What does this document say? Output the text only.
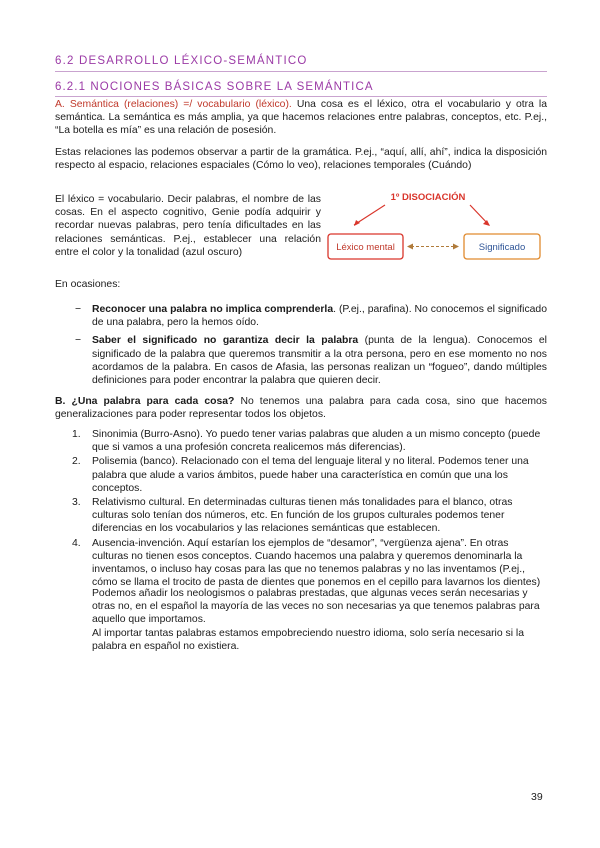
6.2 DESARROLLO LÉXICO-SEMÁNTICO
6.2.1 NOCIONES BÁSICAS SOBRE LA SEMÁNTICA
A. Semántica (relaciones) =/ vocabulario (léxico). Una cosa es el léxico, otra el vocabulario y otra la semántica. La semántica es más amplia, ya que hacemos relaciones entre palabras, conceptos, etc. P.ej., “La botella es mía” es una relación de posesión.
Estas relaciones las podemos observar a partir de la gramática. P.ej., “aquí, allí, ahí”, indica la disposición respecto al espacio, relaciones espaciales (Cómo lo veo), relaciones temporales (Cuándo)
El léxico = vocabulario. Decir palabras, el nombre de las cosas. En el aspecto cognitivo, Genie podía adquirir y recordar nuevas palabras, pero tenía dificultades en las relaciones semánticas. P.ej., establecer una relación entre el color y la tonalidad (azul oscuro)
1º DISOCIACIÓN
Léxico mental	Significado
En ocasiones:
− Reconocer una palabra no implica comprenderla. (P.ej., parafina). No conocemos el significado de una palabra, pero la hemos oído.
− Saber el significado no garantiza decir la palabra (punta de la lengua). Conocemos el significado de la palabra que queremos transmitir a la otra persona, pero en ese momento no nos acordamos de la palabra. En casos de Afasia, las personas realizan un “fogueo”, dando múltiples definiciones para poder encontrar la palabra que quieren decir.
B. ¿Una palabra para cada cosa? No tenemos una palabra para cada cosa, sino que hacemos generalizaciones para poder representar todos los objetos.
1. Sinonimia (Burro-Asno). Yo puedo tener varias palabras que aluden a un mismo concepto (puede que si vamos a una profesión concreta realicemos más diferencias).
2. Polisemia (banco). Relacionado con el tema del lenguaje literal y no literal. Podemos tener una palabra que alude a varios ámbitos, puede haber una característica en común que una los conceptos.
3. Relativismo cultural. En determinadas culturas tienen más tonalidades para el blanco, otras culturas solo tenían dos números, etc. En función de los grupos culturales podemos tener diferencias en los vocabularios y las relaciones semánticas que establecen.
4. Ausencia-invención. Aquí estarían los ejemplos de “desamor”, “vergüenza ajena”. En otras culturas no tienen esos conceptos. Cuando hacemos una palabra y queremos denominarla la inventamos, o incluso hay cosas para las que no tenemos palabras y no las inventamos (P.ej., cómo se llama el trocito de pasta de dientes que ponemos en el cepillo para lavarnos los dientes)
Podemos añadir los neologismos o palabras prestadas, que algunas veces serán necesarias y otras no, en el español la mayoría de las veces no son necesarias ya que tenemos palabras para aquello que importamos.
Al importar tantas palabras estamos empobreciendo nuestro idioma, solo sería necesario si la palabra en español no existiera.
39
